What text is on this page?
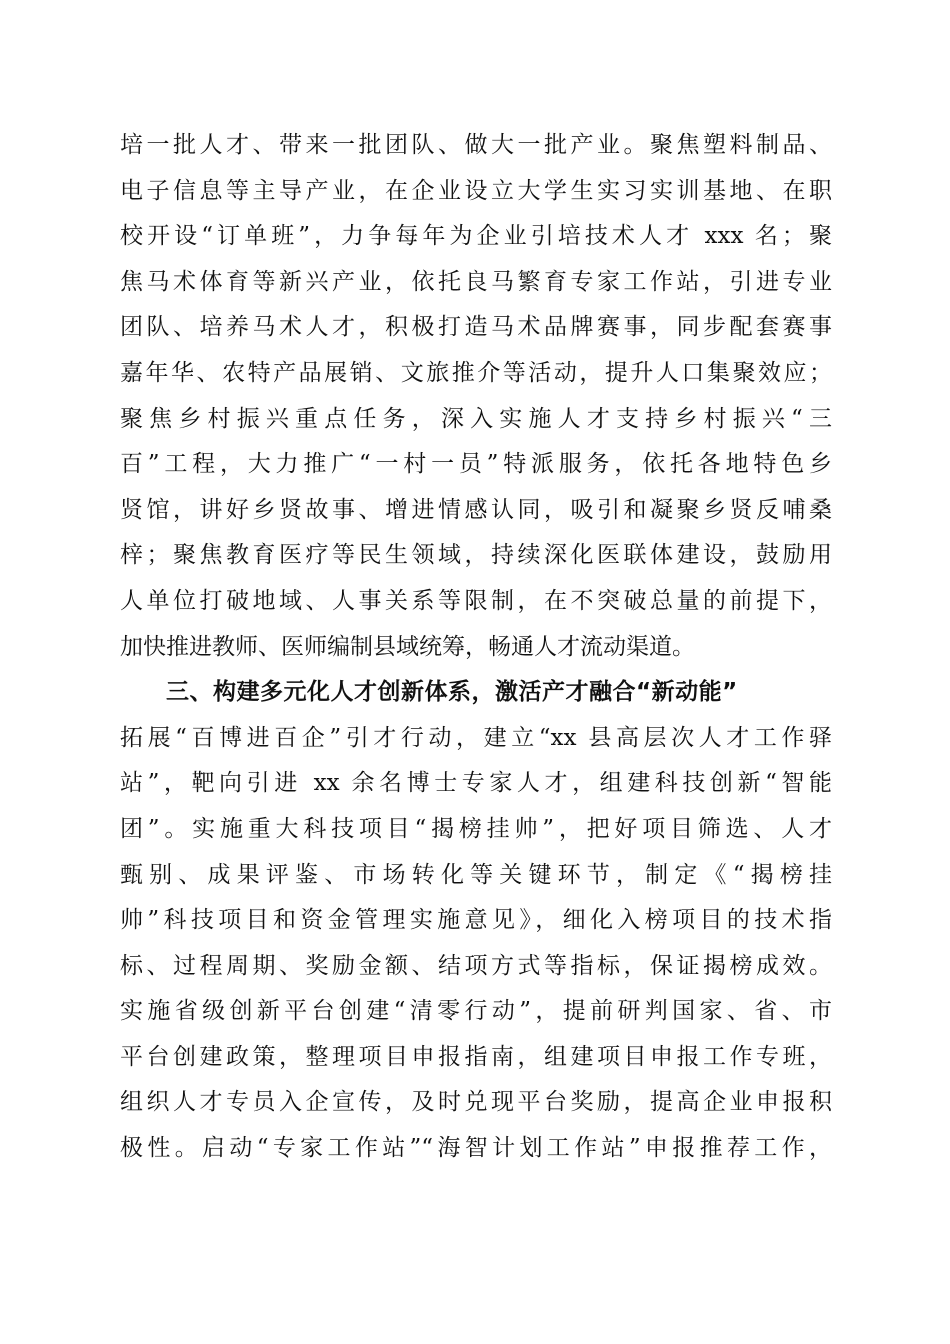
培一批人才、带来一批团队、做大一批产业。聚焦塑料制品、
电子信息等主导产业，在企业设立大学生实习实训基地、在职
校开设“订单班”，力争每年为企业引培技术人才 xxx 名；聚
焦马术体育等新兴产业，依托良马繁育专家工作站，引进专业
团队、培养马术人才，积极打造马术品牌赛事，同步配套赛事
嘉年华、农特产品展销、文旅推介等活动，提升人口集聚效应；
聚焦乡村振兴重点任务，深入实施人才支持乡村振兴“三
百”工程，大力推广“一村一员”特派服务，依托各地特色乡
贤馆，讲好乡贤故事、增进情感认同，吸引和凝聚乡贤反哺桑
梓；聚焦教育医疗等民生领域，持续深化医联体建设，鼓励用
人单位打破地域、人事关系等限制，在不突破总量的前提下，
加快推进教师、医师编制县域统筹，畅通人才流动渠道。
三、构建多元化人才创新体系，激活产才融合“新动能”
拓展“百博进百企”引才行动，建立“xx 县高层次人才工作驿
站”，靶向引进 xx 余名博士专家人才，组建科技创新“智能
团”。实施重大科技项目“揭榜挂帅”，把好项目筛选、人才
甄别、成果评鉴、市场转化等关键环节，制定《“揭榜挂
帅”科技项目和资金管理实施意见》，细化入榜项目的技术指
标、过程周期、奖励金额、结项方式等指标，保证揭榜成效。
实施省级创新平台创建“清零行动”，提前研判国家、省、市
平台创建政策，整理项目申报指南，组建项目申报工作专班，
组织人才专员入企宣传，及时兑现平台奖励，提高企业申报积
极性。启动“专家工作站”“海智计划工作站”申报推荐工作，
